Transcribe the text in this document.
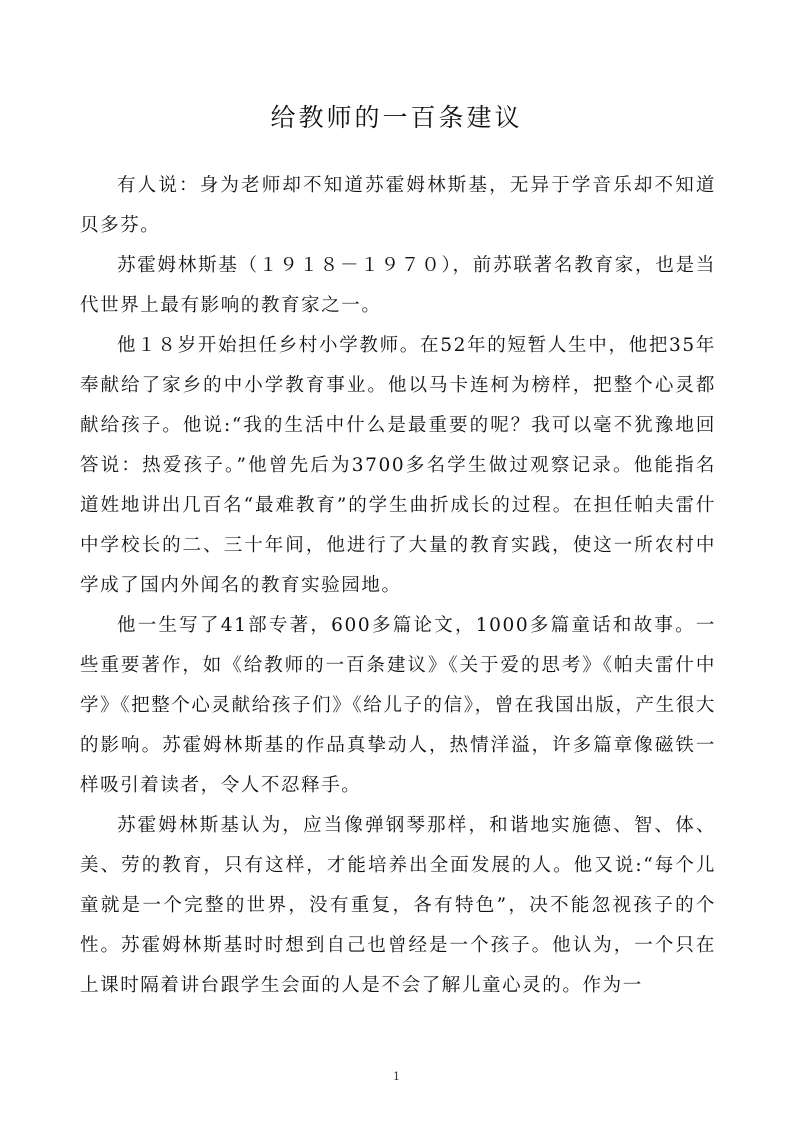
给教师的一百条建议

有人说：身为老师却不知道苏霍姆林斯基，无异于学音乐却不知道贝多芬。

苏霍姆林斯基（１９１８－１９７０），前苏联著名教育家，也是当代世界上最有影响的教育家之一。

他１８岁开始担任乡村小学教师。在52年的短暂人生中，他把35年奉献给了家乡的中小学教育事业。他以马卡连柯为榜样，把整个心灵都献给孩子。他说:“我的生活中什么是最重要的呢？我可以毫不犹豫地回答说：热爱孩子。”他曾先后为3700多名学生做过观察记录。他能指名道姓地讲出几百名“最难教育”的学生曲折成长的过程。在担任帕夫雷什中学校长的二、三十年间，他进行了大量的教育实践，使这一所农村中学成了国内外闻名的教育实验园地。

他一生写了41部专著，600多篇论文，1000多篇童话和故事。一些重要著作，如《给教师的一百条建议》《关于爱的思考》《帕夫雷什中学》《把整个心灵献给孩子们》《给儿子的信》，曾在我国出版，产生很大的影响。苏霍姆林斯基的作品真挚动人，热情洋溢，许多篇章像磁铁一样吸引着读者，令人不忍释手。

苏霍姆林斯基认为，应当像弹钢琴那样，和谐地实施德、智、体、美、劳的教育，只有这样，才能培养出全面发展的人。他又说:“每个儿童就是一个完整的世界，没有重复，各有特色”，决不能忽视孩子的个性。苏霍姆林斯基时时想到自己也曾经是一个孩子。他认为，一个只在上课时隔着讲台跟学生会面的人是不会了解儿童心灵的。作为一

1
